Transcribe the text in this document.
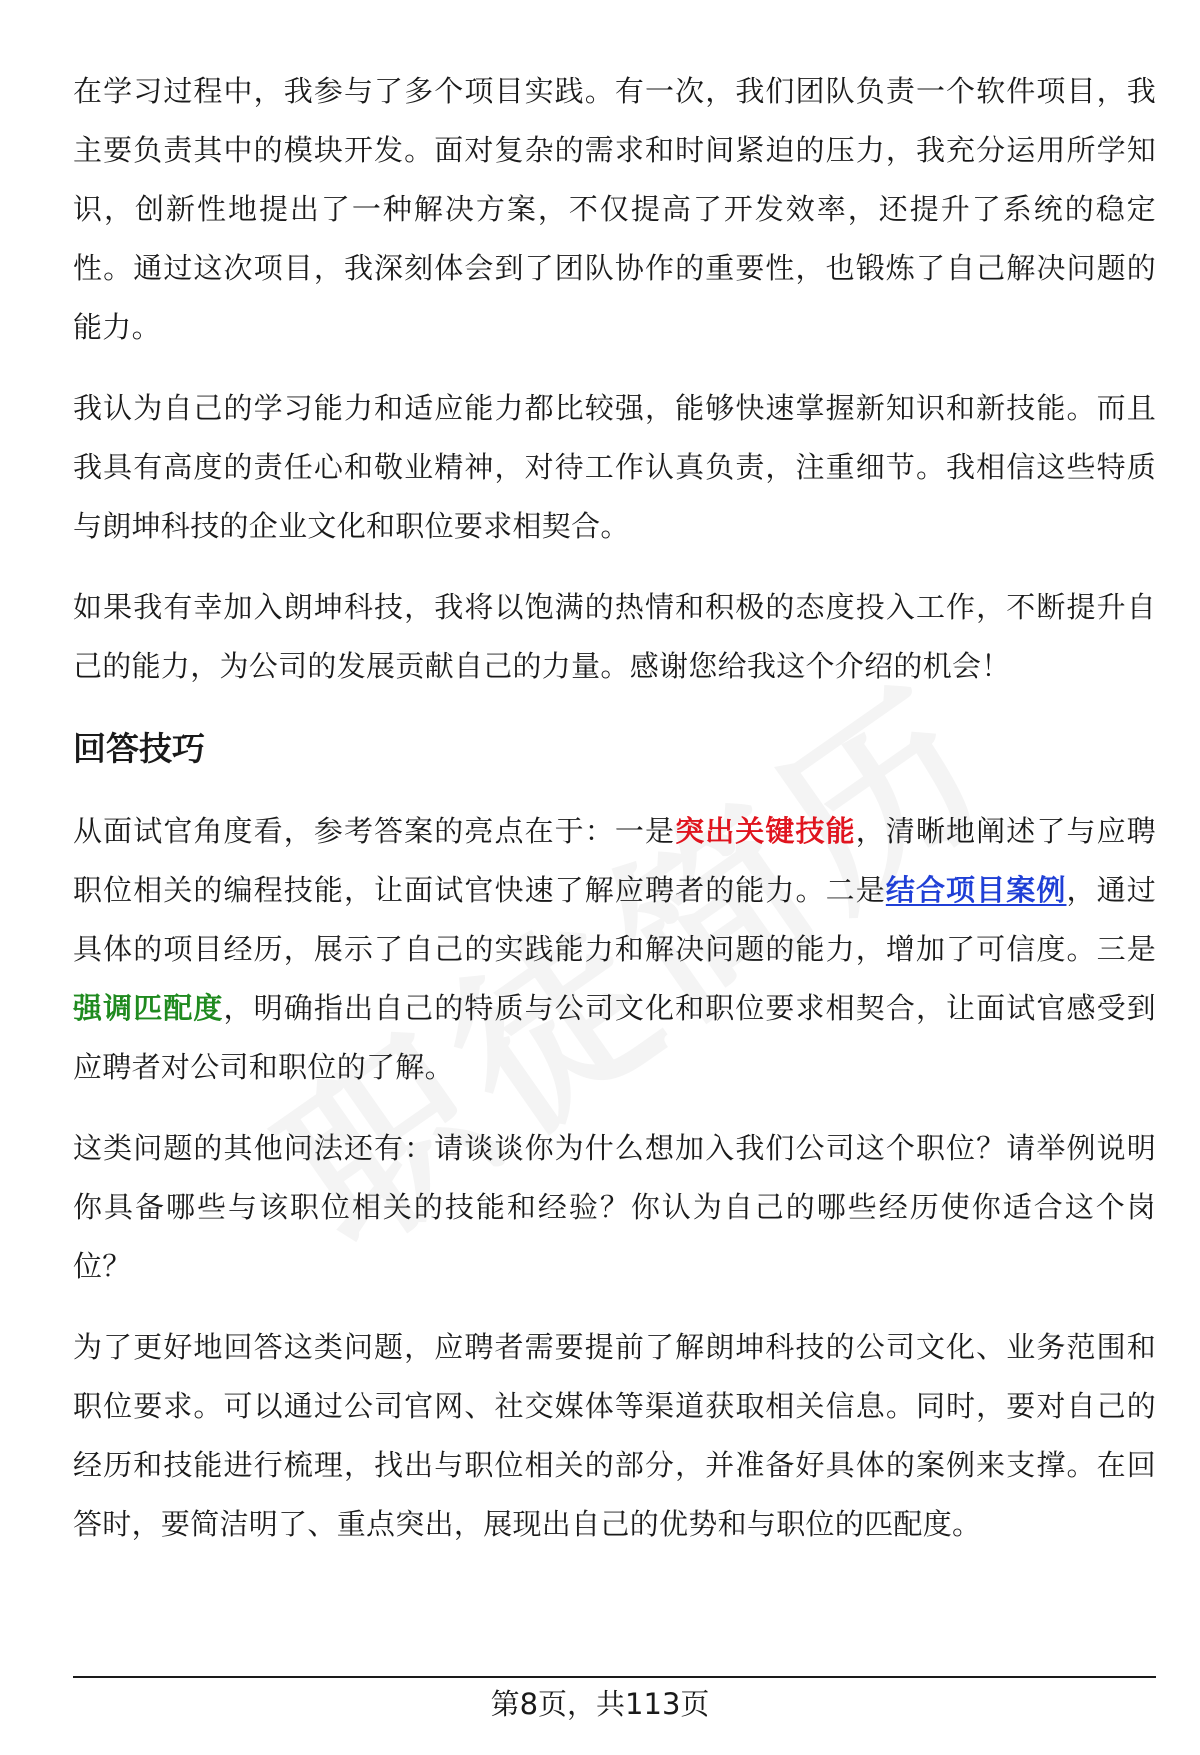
在学习过程中，我参与了多个项目实践。有一次，我们团队负责一个软件项目，我主要负责其中的模块开发。面对复杂的需求和时间紧迫的压力，我充分运用所学知识，创新性地提出了一种解决方案，不仅提高了开发效率，还提升了系统的稳定性。通过这次项目，我深刻体会到了团队协作的重要性，也锻炼了自己解决问题的能力。

我认为自己的学习能力和适应能力都比较强，能够快速掌握新知识和新技能。而且我具有高度的责任心和敬业精神，对待工作认真负责，注重细节。我相信这些特质与朗坤科技的企业文化和职位要求相契合。

如果我有幸加入朗坤科技，我将以饱满的热情和积极的态度投入工作，不断提升自己的能力，为公司的发展贡献自己的力量。感谢您给我这个介绍的机会！

回答技巧

从面试官角度看，参考答案的亮点在于：一是突出关键技能，清晰地阐述了与应聘职位相关的编程技能，让面试官快速了解应聘者的能力。二是结合项目案例，通过具体的项目经历，展示了自己的实践能力和解决问题的能力，增加了可信度。三是强调匹配度，明确指出自己的特质与公司文化和职位要求相契合，让面试官感受到应聘者对公司和职位的了解。

这类问题的其他问法还有：请谈谈你为什么想加入我们公司这个职位？请举例说明你具备哪些与该职位相关的技能和经验？你认为自己的哪些经历使你适合这个岗位？

为了更好地回答这类问题，应聘者需要提前了解朗坤科技的公司文化、业务范围和职位要求。可以通过公司官网、社交媒体等渠道获取相关信息。同时，要对自己的经历和技能进行梳理，找出与职位相关的部分，并准备好具体的案例来支撑。在回答时，要简洁明了、重点突出，展现出自己的优势和与职位的匹配度。

第8页，共113页
